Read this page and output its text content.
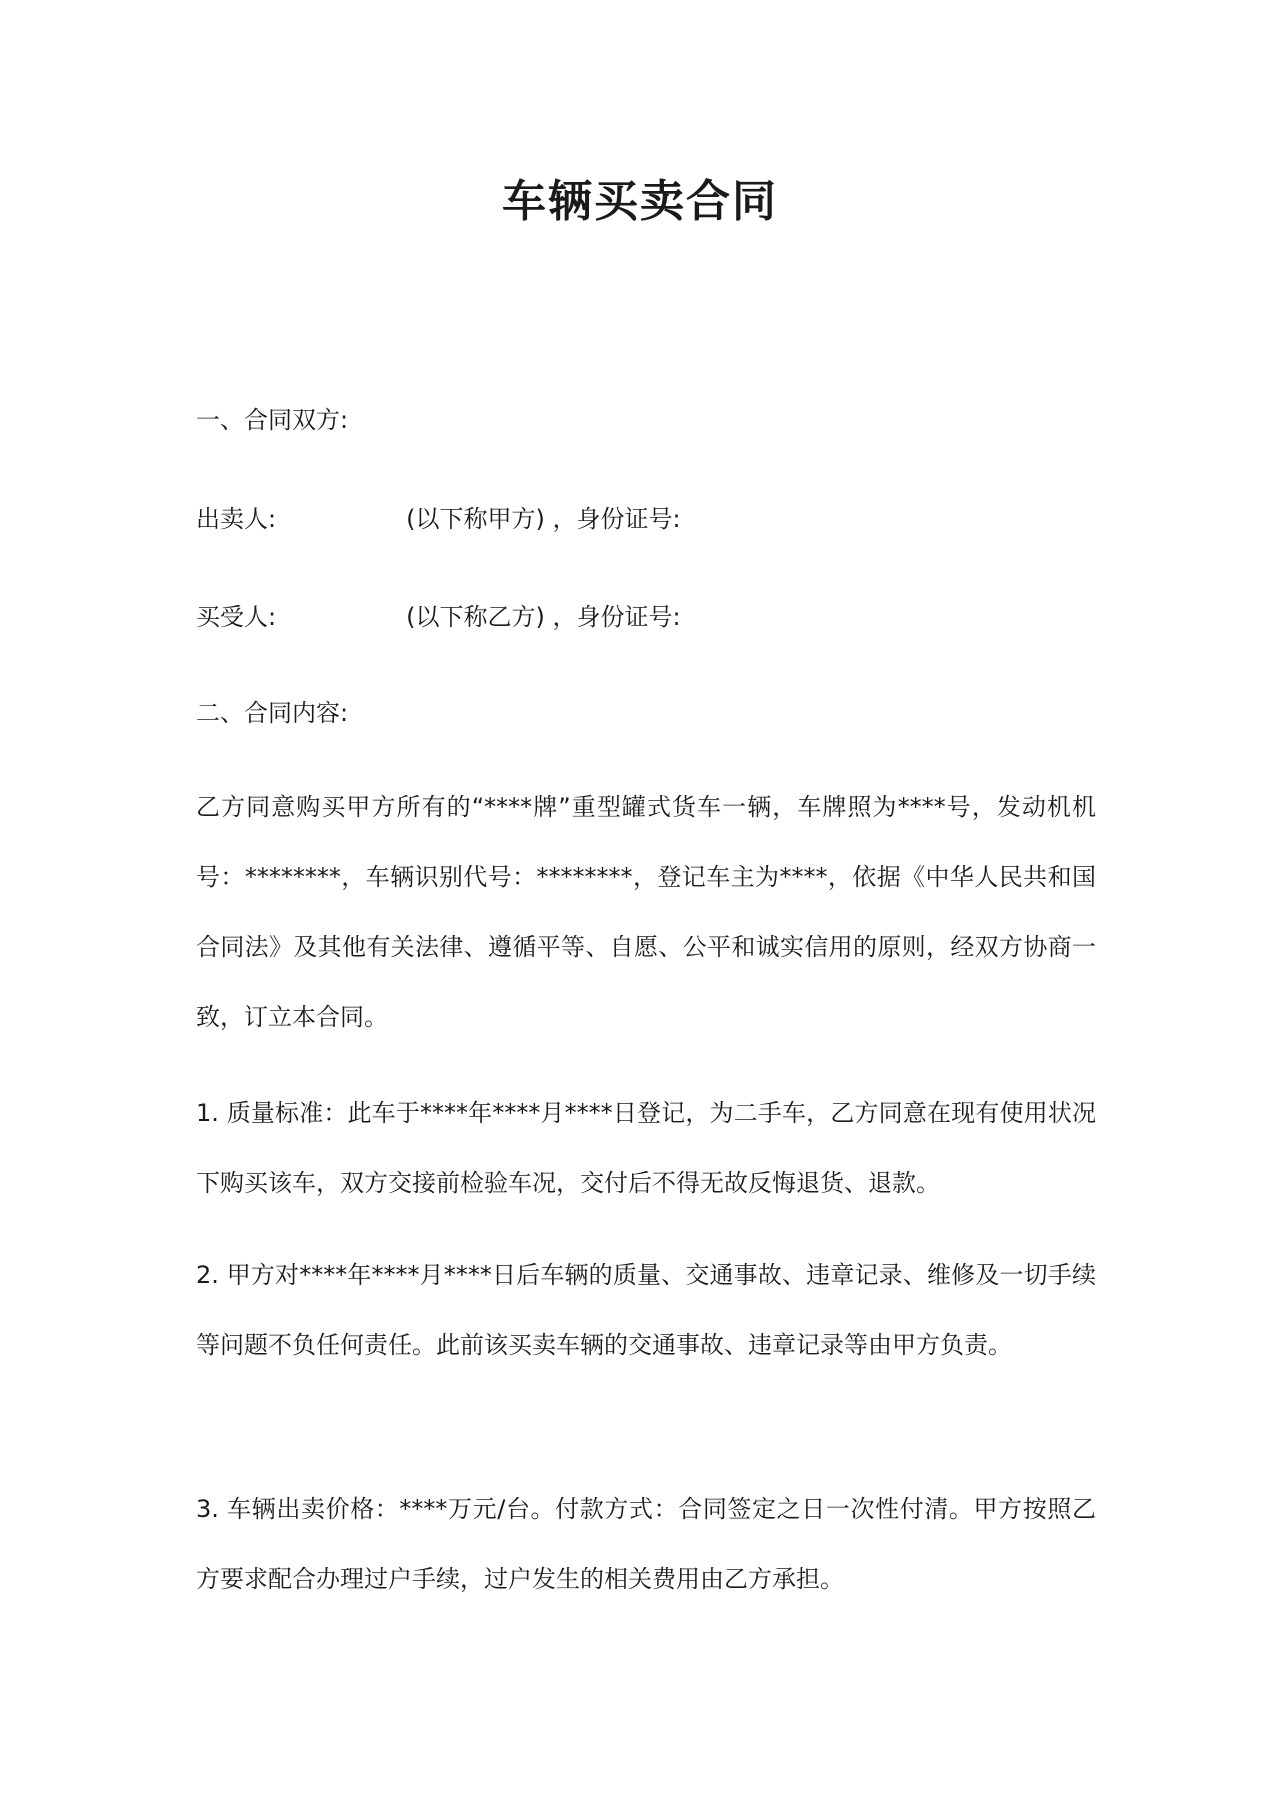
车辆买卖合同
一、合同双方:
出卖人:	(以下称甲方) ，身份证号:
买受人:	(以下称乙方) ，身份证号:
二、合同内容:

乙方同意购买甲方所有的“****牌”重型罐式货车一辆，车牌照为****号，发动机机号：********，车辆识别代号：********，登记车主为****，依据《中华人民共和国合同法》及其他有关法律、遵循平等、自愿、公平和诚实信用的原则，经双方协商一致，订立本合同。

1. 质量标准：此车于****年****月****日登记，为二手车，乙方同意在现有使用状况下购买该车，双方交接前检验车况，交付后不得无故反悔退货、退款。

2. 甲方对****年****月****日后车辆的质量、交通事故、违章记录、维修及一切手续等问题不负任何责任。此前该买卖车辆的交通事故、违章记录等由甲方负责。

3. 车辆出卖价格：****万元/台。付款方式：合同签定之日一次性付清。甲方按照乙方要求配合办理过户手续，过户发生的相关费用由乙方承担。
